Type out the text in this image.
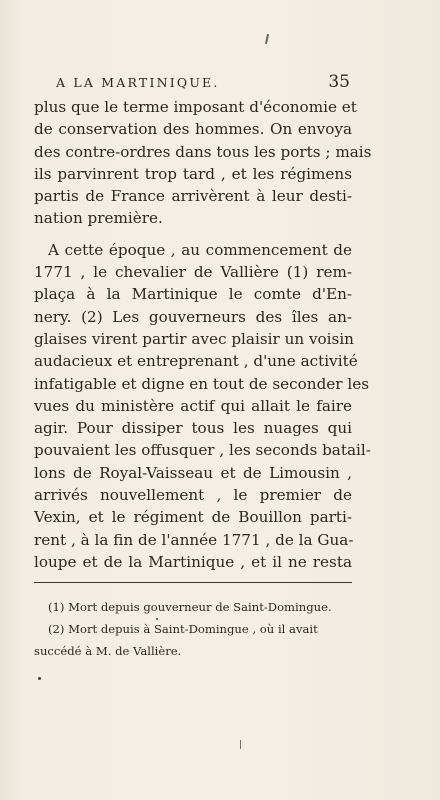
A LA MARTINIQUE.	35
plus que le terme imposant d'économie et
de conservation des hommes. On envoya
des contre-ordres dans tous les ports ; mais
ils parvinrent trop tard , et les régimens
partis de France arrivèrent à leur desti-
nation première.
A cette époque , au commencement de
1771 , le chevalier de Vallière (1) rem-
plaça à la Martinique le comte d'En-
nery. (2) Les gouverneurs des îles an-
glaises virent partir avec plaisir un voisin
audacieux et entreprenant , d'une activité
infatigable et digne en tout de seconder les
vues du ministère actif qui allait le faire
agir. Pour dissiper tous les nuages qui
pouvaient les offusquer , les seconds batail-
lons de Royal-Vaisseau et de Limousin ,
arrivés nouvellement , le premier de
Vexin, et le régiment de Bouillon parti-
rent , à la fin de l'année 1771 , de la Gua-
loupe et de la Martinique , et il ne resta
(1) Mort depuis gouverneur de Saint-Domingue.
(2) Mort depuis à Saint-Domingue , où il avait
succédé à M. de Vallière.
